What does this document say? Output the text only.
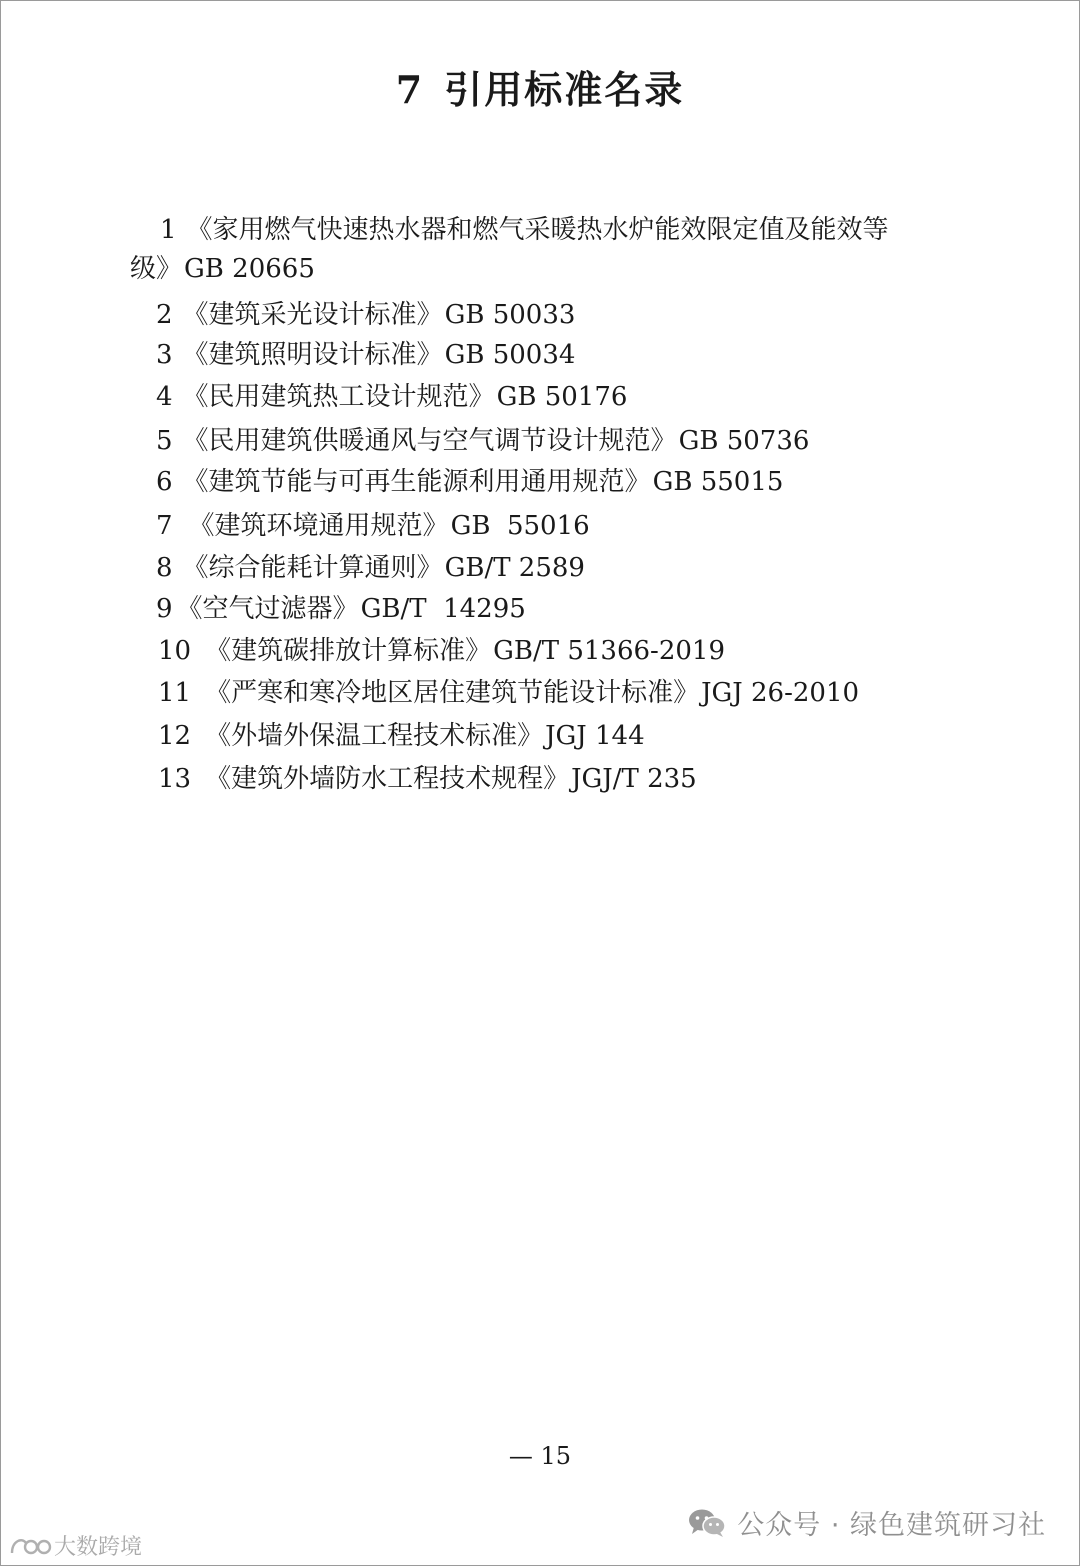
7 引用标准名录
1 《家用燃气快速热水器和燃气采暖热水炉能效限定值及能效等
级》GB 20665
2 《建筑采光设计标准》GB 50033
3 《建筑照明设计标准》GB 50034
4 《民用建筑热工设计规范》GB 50176
5 《民用建筑供暖通风与空气调节设计规范》GB 50736
6 《建筑节能与可再生能源利用通用规范》GB 55015
7 《建筑环境通用规范》GB  55016
8 《综合能耗计算通则》GB/T 2589
9 《空气过滤器》GB/T  14295
10 《建筑碳排放计算标准》GB/T 51366-2019
11 《严寒和寒冷地区居住建筑节能设计标准》JGJ 26-2010
12 《外墙外保温工程技术标准》JGJ 144
13 《建筑外墙防水工程技术规程》JGJ/T 235
— 15
公众号 · 绿色建筑研习社
大数跨境
